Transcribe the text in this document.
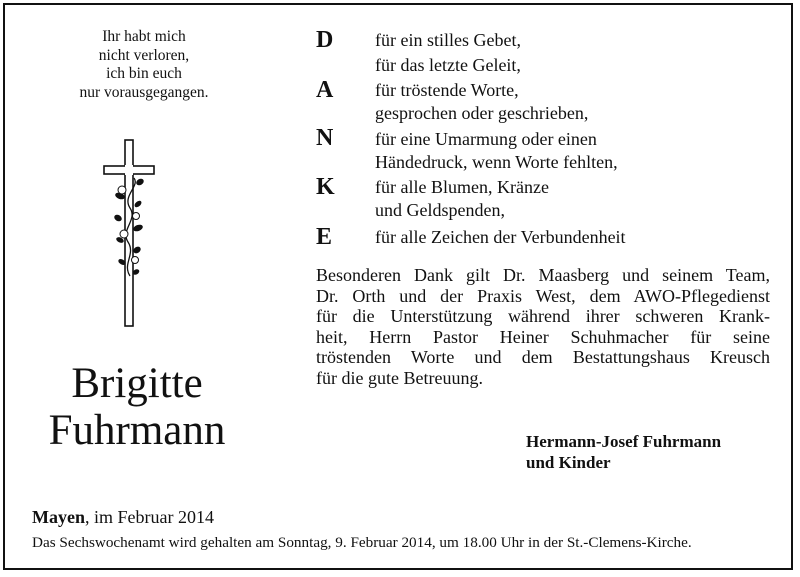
Ihr habt mich
nicht verloren,
ich bin euch
nur vorausgegangen.
Brigitte
Fuhrmann
D für ein stilles Gebet,
für das letzte Geleit,
A für tröstende Worte,
gesprochen oder geschrieben,
N für eine Umarmung oder einen
Händedruck, wenn Worte fehlten,
K für alle Blumen, Kränze
und Geldspenden,
E für alle Zeichen der Verbundenheit
Besonderen Dank gilt Dr. Maasberg und seinem Team,
Dr. Orth und der Praxis West, dem AWO-Pflegedienst
für die Unterstützung während ihrer schweren Krank-
heit, Herrn Pastor Heiner Schuhmacher für seine
tröstenden Worte und dem Bestattungshaus Kreusch
für die gute Betreuung.
Hermann-Josef Fuhrmann
und Kinder
Mayen, im Februar 2014
Das Sechswochenamt wird gehalten am Sonntag, 9. Februar 2014, um 18.00 Uhr in der St.-Clemens-Kirche.
